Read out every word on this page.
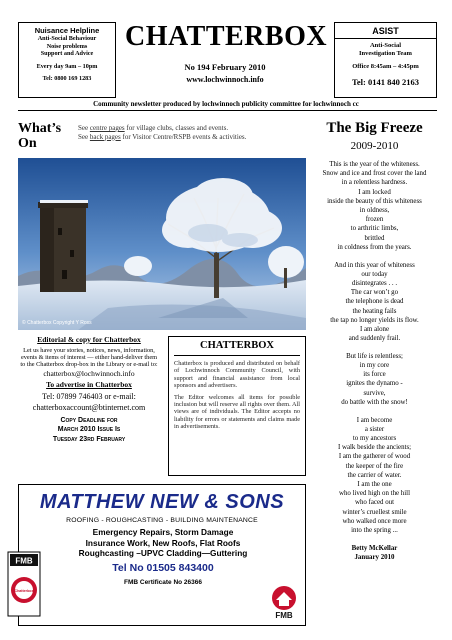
Nuisance Helpline
Anti-Social Behaviour
Noise problems
Support and Advice
Every day 9am – 10pm
Tel: 0800 169 1283
CHATTERBOX
No 194 February 2010
www.lochwinnoch.info
ASIST
Anti-Social
Investigation Team
Office 8:45am – 4:45pm
Tel: 0141 840 2163
Community newsletter produced by lochwinnoch publicity committee for lochwinnoch cc
What’s
On
See centre pages for village clubs, classes and events.
See back pages for Visitor Centre/RSPB events & activities.
© Chatterbox Copyright Y Ross
Editorial & copy for Chatterbox
Let us have your stories, notices, news, information, events & items of interest — either hand-deliver them to the Chatterbox drop-box in the Library or e-mail to:
chatterbox@lochwinnoch.info
To advertise in Chatterbox
Tel: 07899 746403 or e-mail:
chatterboxaccount@btinternet.com
Copy Deadline for
March 2010 Issue Is
Tuesday 23rd February
CHATTERBOX
Chatterbox is produced and distributed on behalf of Lochwinnoch Community Council, with support and financial assistance from local sponsors and advertisers.
The Editor welcomes all items for possible inclusion but will reserve all rights over them. All views are of individuals. The Editor accepts no liability for errors or statements and claims made in advertisements.
MATTHEW NEW & SONS
ROOFING - ROUGHCASTING - BUILDING MAINTENANCE
Emergency Repairs, Storm Damage
Insurance Work, New Roofs, Flat Roofs
Roughcasting –UPVC Cladding—Guttering
Tel No 01505 843400
FMB Certificate No 26366
FMB
Chatterbox
FMB
The Big Freeze
2009-2010
This is the year of the whiteness.
Snow and ice and frost cover the land
in a relentless hardness.
I am locked
inside the beauty of this whiteness
in oldness,
frozen
to arthritic limbs,
brittled
in coldness from the years.
And in this year of whiteness
our today
disintegrates . . .
The car won’t go
the telephone is dead
the heating fails
the tap no longer yields its flow.
I am alone
and suddenly frail.
But life is relentless;
in my core
its force
ignites the dynamo -
survive,
do battle with the snow!
I am become
a sister
to my ancestors
I walk beside the ancients;
I am the gatherer of wood
the keeper of the fire
the carrier of water.
I am the one
who lived high on the hill
who faced out
winter’s cruellest smile
who walked once more
into the spring ...
Betty McKellar
January 2010
